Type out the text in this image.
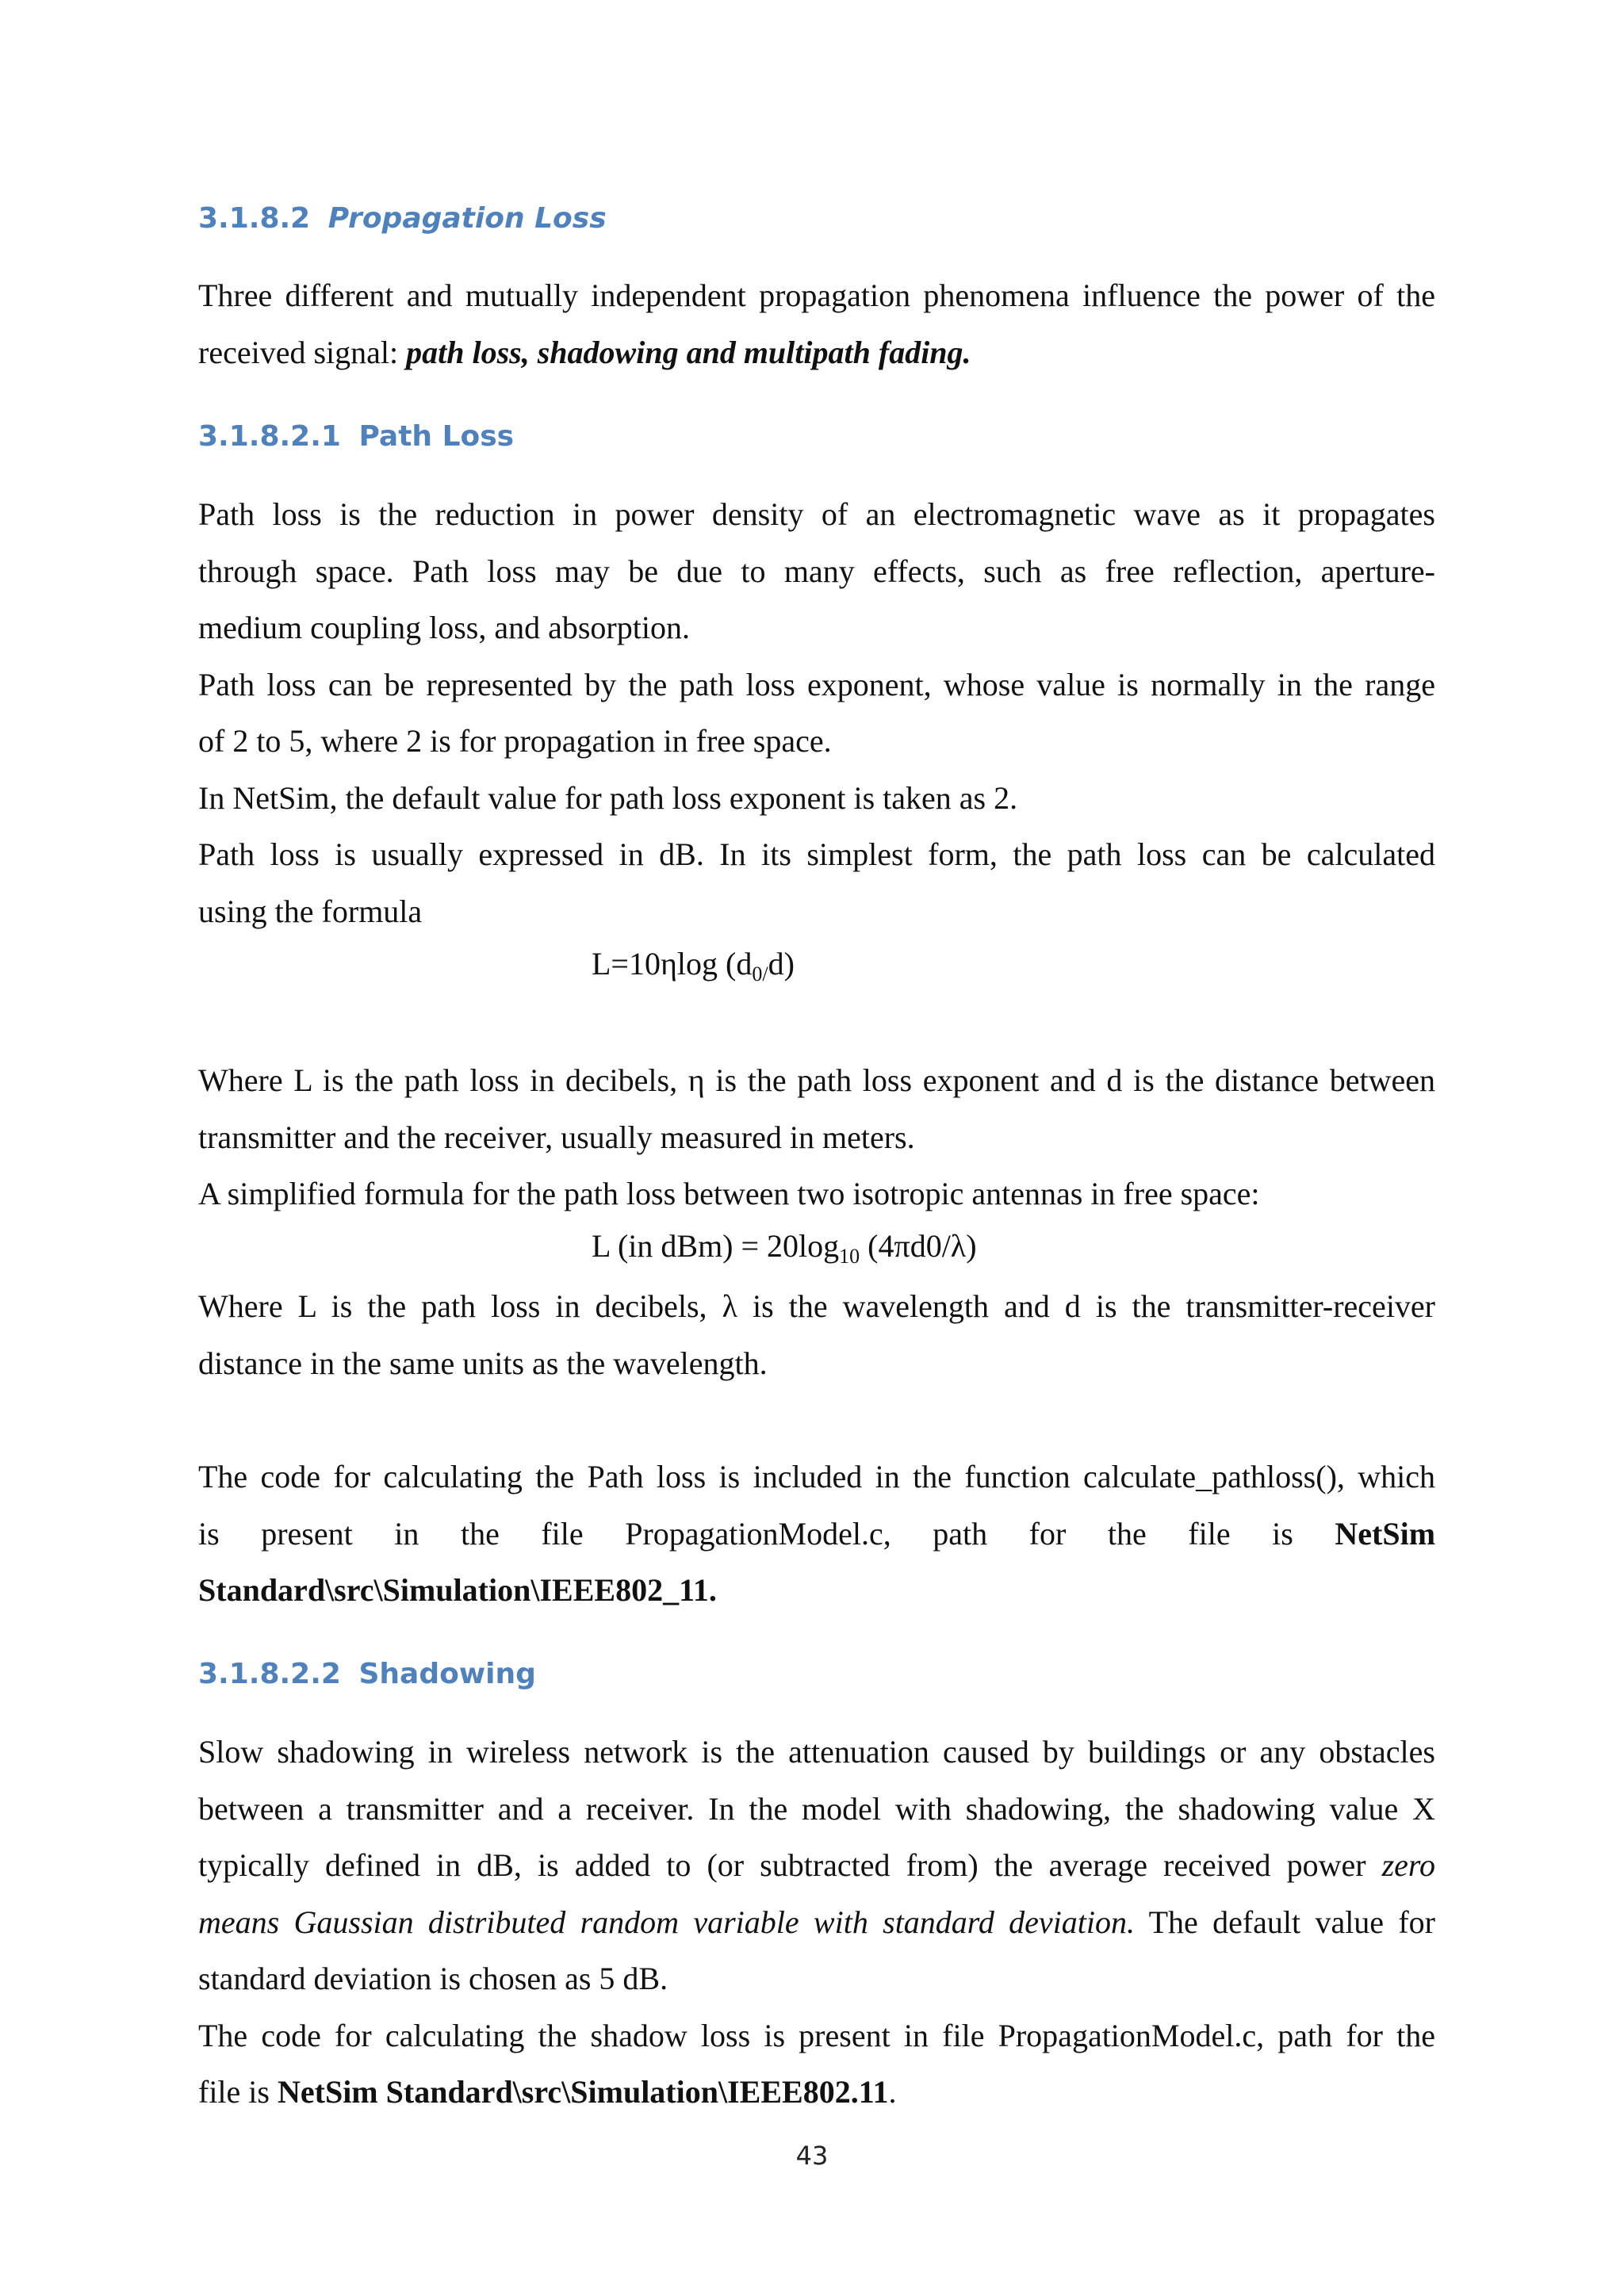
3.1.8.2 Propagation Loss
Three different and mutually independent propagation phenomena influence the power of the
received signal: path loss, shadowing and multipath fading.
3.1.8.2.1 Path Loss
Path loss is the reduction in power density of an electromagnetic wave as it propagates
through space. Path loss may be due to many effects, such as free reflection, aperture-
medium coupling loss, and absorption.
Path loss can be represented by the path loss exponent, whose value is normally in the range
of 2 to 5, where 2 is for propagation in free space.
In NetSim, the default value for path loss exponent is taken as 2.
Path loss is usually expressed in dB. In its simplest form, the path loss can be calculated
using the formula
L=10ηlog $(d_{0/}d)$
Where L is the path loss in decibels, η is the path loss exponent and d is the distance between
transmitter and the receiver, usually measured in meters.
A simplified formula for the path loss between two isotropic antennas in free space:
L (in $dBm) = 20\log_{10}$ (4πd0/λ)
Where L is the path loss in decibels, λ is the wavelength and d is the transmitter-receiver
distance in the same units as the wavelength.
The code for calculating the Path loss is included in the function calculate_pathloss(), which
is present in the file PropagationModel.c, path for the file is NetSim
Standard\src\Simulation\IEEE802_11.
3.1.8.2.2 Shadowing
Slow shadowing in wireless network is the attenuation caused by buildings or any obstacles
between a transmitter and a receiver. In the model with shadowing, the shadowing value X
typically defined in dB, is added to (or subtracted from) the average received power zero
means Gaussian distributed random variable with standard deviation. The default value for
standard deviation is chosen as 5 dB.
The code for calculating the shadow loss is present in file PropagationModel.c, path for the
file is NetSim Standard\src\Simulation\IEEE802.11.
43
